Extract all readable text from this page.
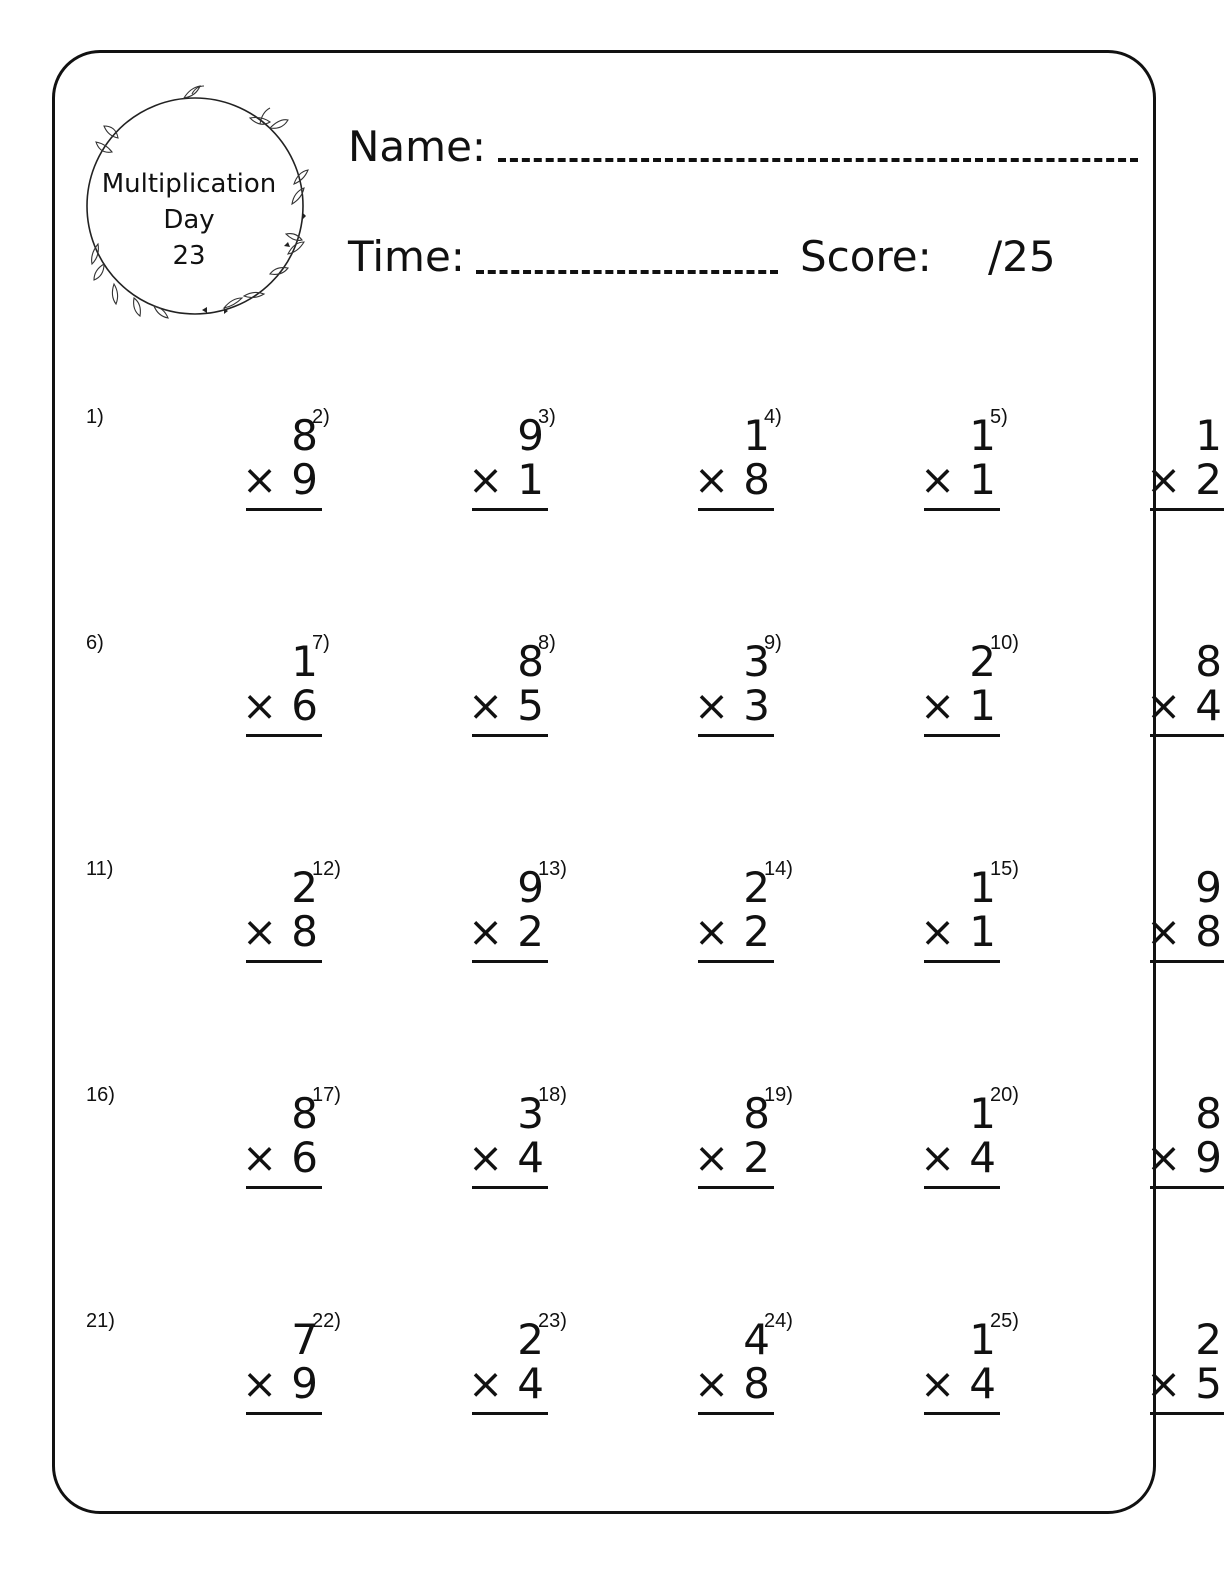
Multiplication
Day
23
Name:
Time:	Score: /25
1)	8
× 9
2)	9
× 1
3)	1
× 8
4)	1
× 1
5)	1
× 2
6)	1
× 6
7)	8
× 5
8)	3
× 3
9)	2
× 1
10)	8
× 4
11)	2
× 8
12)	9
× 2
13)	2
× 2
14)	1
× 1
15)	9
× 8
16)	8
× 6
17)	3
× 4
18)	8
× 2
19)	1
× 4
20)	8
× 9
21)	7
× 9
22)	2
× 4
23)	4
× 8
24)	1
× 4
25)	2
× 5
